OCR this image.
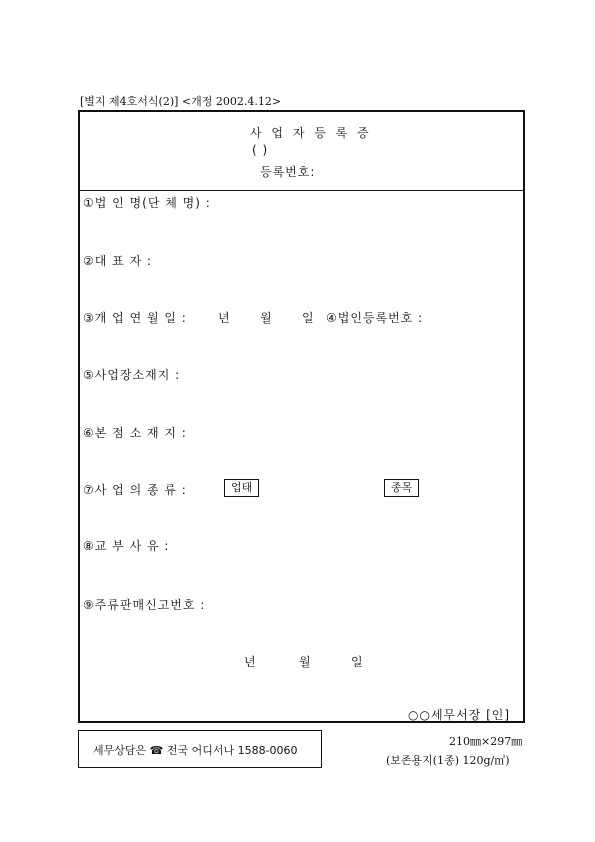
[별지 제4호서식(2)] <개정 2002.4.12>
사 업 자 등 록 증
( )
등록번호:
①법 인 명(단 체 명) :
②대 표 자 :
③개 업 연 월 일 :	년 월 일 ④법인등록번호 :
⑤사업장소재지 :
⑥본 점 소 재 지 :
⑦사 업 의 종 류 :	업태	종목
⑧교 부 사 유 :
⑨주류판매신고번호 :
년	월	일
○○세무서장 [인]
세무상담은 ☎ 전국 어디서나 1588-0060
210㎜×297㎜
(보존용지(1종) 120g/㎡)
